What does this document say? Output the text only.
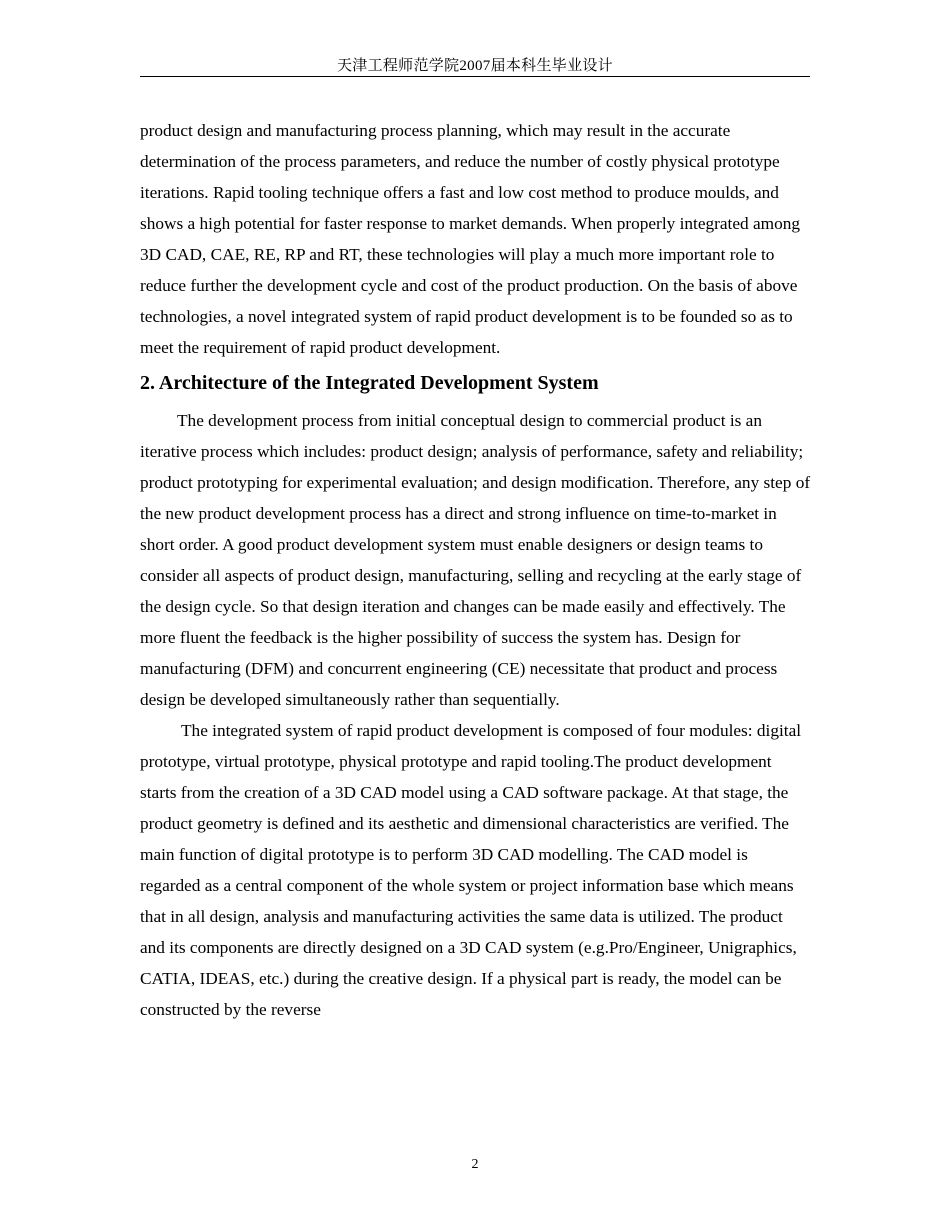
天津工程师范学院2007届本科生毕业设计

product design and manufacturing process planning, which may result in the accurate determination of the process parameters, and reduce the number of costly physical prototype iterations. Rapid tooling technique offers a fast and low cost method to produce moulds, and shows a high potential for faster response to market demands. When properly integrated among 3D CAD, CAE, RE, RP and RT, these technologies will play a much more important role to reduce further the development cycle and cost of the product production. On the basis of above technologies, a novel integrated system of rapid product development is to be founded so as to meet the requirement of rapid product development.

2. Architecture of the Integrated Development System

The development process from initial conceptual design to commercial product is an iterative process which includes: product design; analysis of performance, safety and reliability; product prototyping for experimental evaluation; and design modification. Therefore, any step of the new product development process has a direct and strong influence on time-to-market in short order. A good product development system must enable designers or design teams to consider all aspects of product design, manufacturing, selling and recycling at the early stage of the design cycle. So that design iteration and changes can be made easily and effectively. The more fluent the feedback is the higher possibility of success the system has. Design for manufacturing (DFM) and concurrent engineering (CE) necessitate that product and process design be developed simultaneously rather than sequentially.

The integrated system of rapid product development is composed of four modules: digital prototype, virtual prototype, physical prototype and rapid tooling.The product development starts from the creation of a 3D CAD model using a CAD software package. At that stage, the product geometry is defined and its aesthetic and dimensional characteristics are verified. The main function of digital prototype is to perform 3D CAD modelling. The CAD model is regarded as a central component of the whole system or project information base which means that in all design, analysis and manufacturing activities the same data is utilized. The product and its components are directly designed on a 3D CAD system (e.g.Pro/Engineer, Unigraphics, CATIA, IDEAS, etc.) during the creative design. If a physical part is ready, the model can be constructed by the reverse

2
